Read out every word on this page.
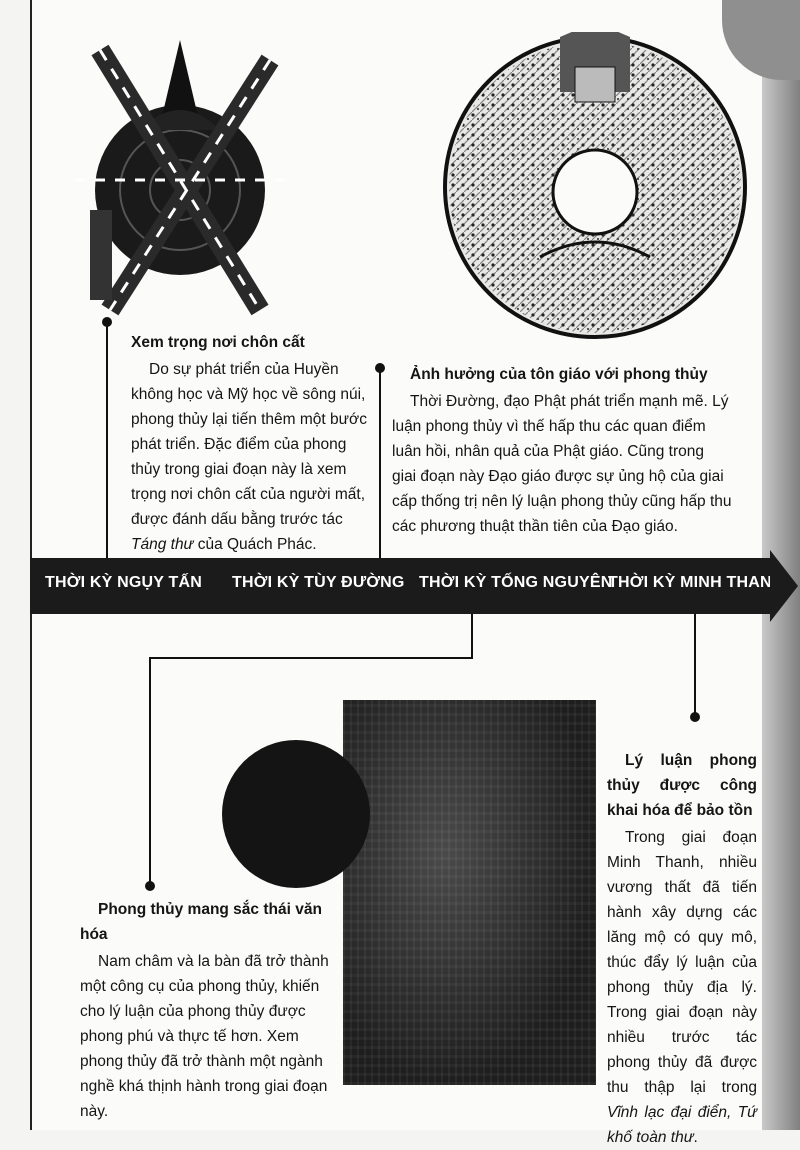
Xem trọng nơi chôn cất

Do sự phát triển của Huyền không học và Mỹ học về sông núi, phong thủy lại tiến thêm một bước phát triển. Đặc điểm của phong thủy trong giai đoạn này là xem trọng nơi chôn cất của người mất, được đánh dấu bằng trước tác Táng thư của Quách Phác.

Ảnh hưởng của tôn giáo với phong thủy

Thời Đường, đạo Phật phát triển mạnh mẽ. Lý luận phong thủy vì thế hấp thu các quan điểm luân hồi, nhân quả của Phật giáo. Cũng trong giai đoạn này Đạo giáo được sự ủng hộ của giai cấp thống trị nên lý luận phong thủy cũng hấp thu các phương thuật thần tiên của Đạo giáo.

THỜI KỲ NGỤY TẤN THỜI KỲ TÙY ĐƯỜNG THỜI KỲ TỐNG NGUYÊN
THỜI KỲ MINH THANH
Phong thủy mang sắc thái văn hóa

Nam châm và la bàn đã trở thành một công cụ của phong thủy, khiến cho lý luận của phong thủy được phong phú và thực tế hơn. Xem phong thủy đã trở thành một ngành nghề khá thịnh hành trong giai đoạn này.

Lý luận phong thủy được công khai hóa để bảo tồn

Trong giai đoạn Minh Thanh, nhiều vương thất đã tiến hành xây dựng các lăng mộ có quy mô, thúc đẩy lý luận của phong thủy địa lý. Trong giai đoạn này nhiều trước tác phong thủy đã được thu thập lại trong Vĩnh lạc đại điển, Tứ khố toàn thư.
